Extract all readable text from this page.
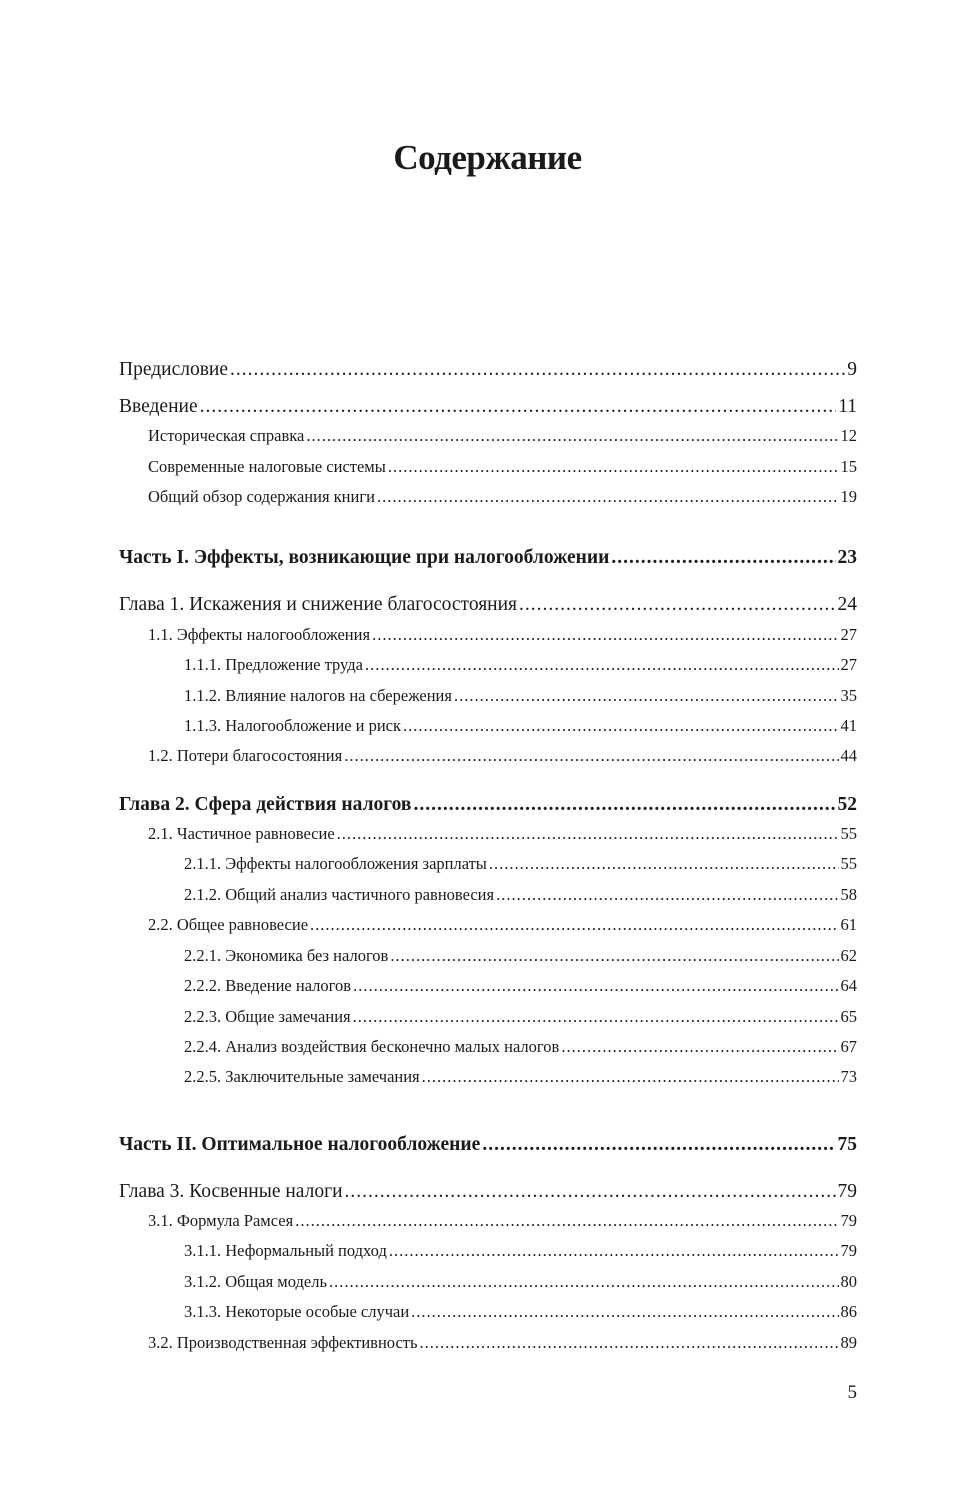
Содержание
Предисловие .....	9
Введение .....	11
Историческая справка .....	12
Современные налоговые системы .....	15
Общий обзор содержания книги .....	19
Часть I. Эффекты, возникающие при налогообложении .....	23
Глава 1. Искажения и снижение благосостояния .....	24
1.1. Эффекты налогообложения .....	27
1.1.1. Предложение труда .....	27
1.1.2. Влияние налогов на сбережения .....	35
1.1.3. Налогообложение и риск .....	41
1.2. Потери благосостояния .....	44
Глава 2. Сфера действия налогов .....	52
2.1. Частичное равновесие .....	55
2.1.1. Эффекты налогообложения зарплаты .....	55
2.1.2. Общий анализ частичного равновесия .....	58
2.2. Общее равновесие .....	61
2.2.1. Экономика без налогов .....	62
2.2.2. Введение налогов .....	64
2.2.3. Общие замечания .....	65
2.2.4. Анализ воздействия бесконечно малых налогов .....	67
2.2.5. Заключительные замечания .....	73
Часть II. Оптимальное налогообложение .....	75
Глава 3. Косвенные налоги .....	79
3.1. Формула Рамсея .....	79
3.1.1. Неформальный подход .....	79
3.1.2. Общая модель .....	80
3.1.3. Некоторые особые случаи .....	86
3.2. Производственная эффективность .....	89
5
